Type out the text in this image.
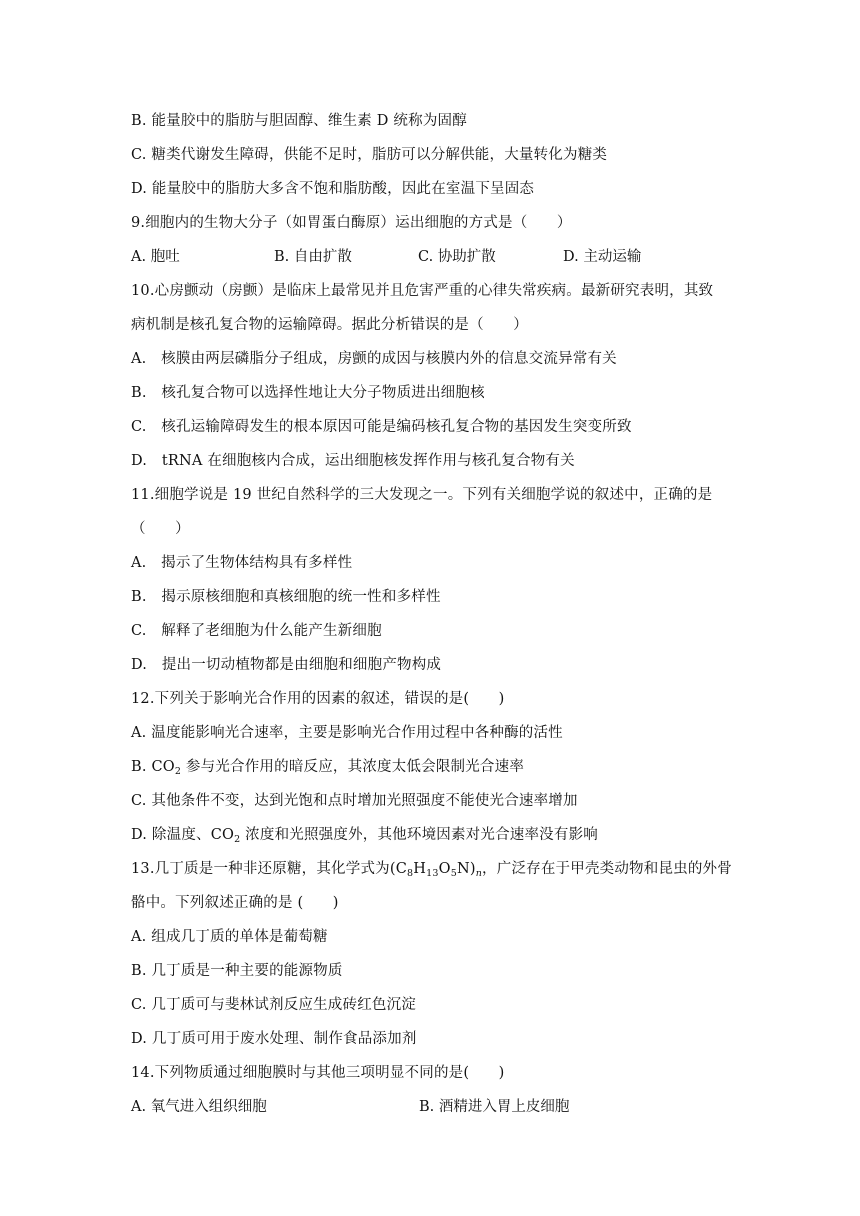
B. 能量胶中的脂肪与胆固醇、维生素 D 统称为固醇
C. 糖类代谢发生障碍，供能不足时，脂肪可以分解供能，大量转化为糖类
D. 能量胶中的脂肪大多含不饱和脂肪酸，因此在室温下呈固态
9.细胞内的生物大分子（如胃蛋白酶原）运出细胞的方式是（　　）
A. 胞吐	B. 自由扩散	C. 协助扩散	D. 主动运输
10.心房颤动（房颤）是临床上最常见并且危害严重的心律失常疾病。最新研究表明，其致
病机制是核孔复合物的运输障碍。据此分析错误的是（　　）
A.　核膜由两层磷脂分子组成，房颤的成因与核膜内外的信息交流异常有关
B.　核孔复合物可以选择性地让大分子物质进出细胞核
C.　核孔运输障碍发生的根本原因可能是编码核孔复合物的基因发生突变所致
D.　tRNA 在细胞核内合成，运出细胞核发挥作用与核孔复合物有关
11.细胞学说是 19 世纪自然科学的三大发现之一。下列有关细胞学说的叙述中，正确的是
（　　）
A.　揭示了生物体结构具有多样性
B.　揭示原核细胞和真核细胞的统一性和多样性
C.　解释了老细胞为什么能产生新细胞
D.　提出一切动植物都是由细胞和细胞产物构成
12.下列关于影响光合作用的因素的叙述，错误的是(　　)
A. 温度能影响光合速率，主要是影响光合作用过程中各种酶的活性
B. $CO_2$ 参与光合作用的暗反应，其浓度太低会限制光合速率
C. 其他条件不变，达到光饱和点时增加光照强度不能使光合速率增加
D. 除温度、$CO_2$ 浓度和光照强度外，其他环境因素对光合速率没有影响
13.几丁质是一种非还原糖，其化学式为$(C_8H_{13}O_5N)_n$，广泛存在于甲壳类动物和昆虫的外骨
骼中。下列叙述正确的是 (　　)
A. 组成几丁质的单体是葡萄糖
B. 几丁质是一种主要的能源物质
C. 几丁质可与斐林试剂反应生成砖红色沉淀
D. 几丁质可用于废水处理、制作食品添加剂
14.下列物质通过细胞膜时与其他三项明显不同的是(　　)
A. 氧气进入组织细胞	B. 酒精进入胃上皮细胞
